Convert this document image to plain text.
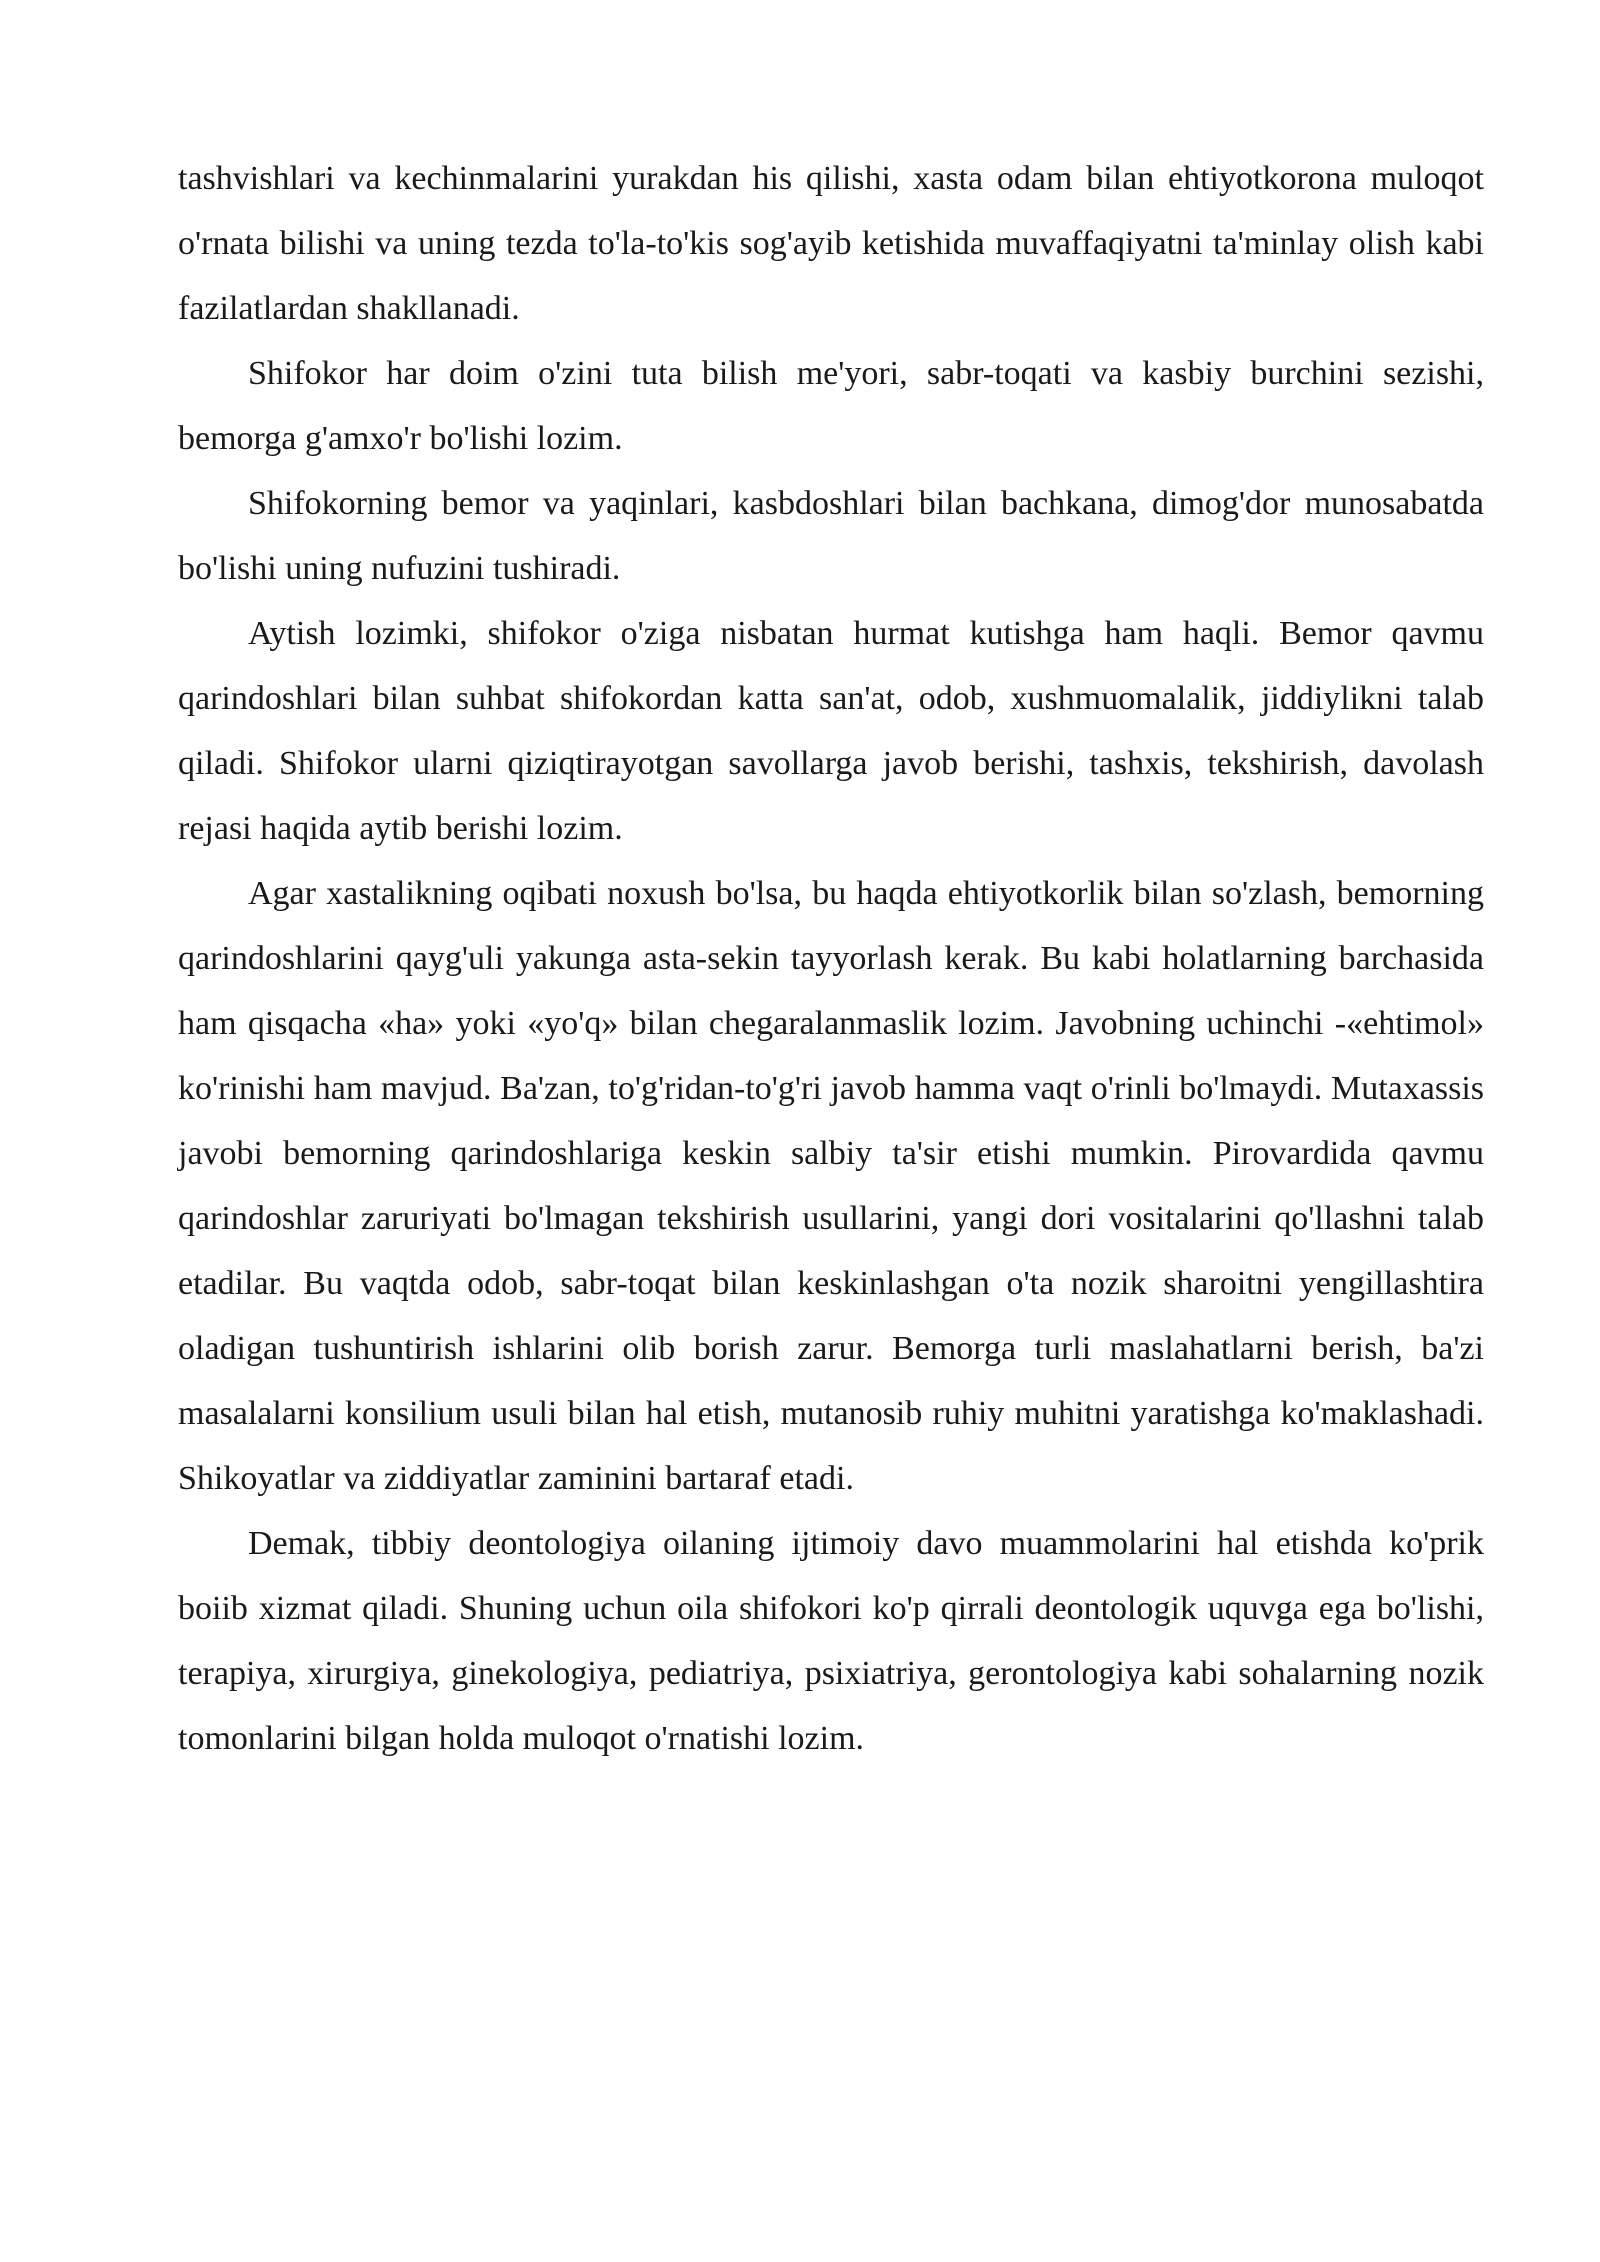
tashvishlari va kechinmalarini yurakdan his qilishi, xasta odam bilan ehtiyotkorona muloqot o'rnata bilishi va uning tezda to'la-to'kis sog'ayib ketishida muvaffaqiyatni ta'minlay olish kabi fazilatlardan shakllanadi.

Shifokor har doim o'zini tuta bilish me'yori, sabr-toqati va kasbiy burchini sezishi, bemorga g'amxo'r bo'lishi lozim.

Shifokorning bemor va yaqinlari, kasbdoshlari bilan bachkana, dimog'dor munosabatda bo'lishi uning nufuzini tushiradi.

Aytish lozimki, shifokor o'ziga nisbatan hurmat kutishga ham haqli. Bemor qavmu qarindoshlari bilan suhbat shifokordan katta san'at, odob, xushmuomalalik, jiddiylikni talab qiladi. Shifokor ularni qiziqtirayotgan savollarga javob berishi, tashxis, tekshirish, davolash rejasi haqida aytib berishi lozim.

Agar xastalikning oqibati noxush bo'lsa, bu haqda ehtiyotkorlik bilan so'zlash, bemorning qarindoshlarini qayg'uli yakunga asta-sekin tayyorlash kerak. Bu kabi holatlarning barchasida ham qisqacha «ha» yoki «yo'q» bilan chegaralanmaslik lozim. Javobning uchinchi -«ehtimol» ko'rinishi ham mavjud. Ba'zan, to'g'ridan-to'g'ri javob hamma vaqt o'rinli bo'lmaydi. Mutaxassis javobi bemorning qarindoshlariga keskin salbiy ta'sir etishi mumkin. Pirovardida qavmu qarindoshlar zaruriyati bo'lmagan tekshirish usullarini, yangi dori vositalarini qo'llashni talab etadilar. Bu vaqtda odob, sabr-toqat bilan keskinlashgan o'ta nozik sharoitni yengillashtira oladigan tushuntirish ishlarini olib borish zarur. Bemorga turli maslahatlarni berish, ba'zi masalalarni konsilium usuli bilan hal etish, mutanosib ruhiy muhitni yaratishga ko'maklashadi. Shikoyatlar va ziddiyatlar zaminini bartaraf etadi.

Demak, tibbiy deontologiya oilaning ijtimoiy davo muammolarini hal etishda ko'prik boiib xizmat qiladi. Shuning uchun oila shifokori ko'p qirrali deontologik uquvga ega bo'lishi, terapiya, xirurgiya, ginekologiya, pediatriya, psixiatriya, gerontologiya kabi sohalarning nozik tomonlarini bilgan holda muloqot o'rnatishi lozim.
